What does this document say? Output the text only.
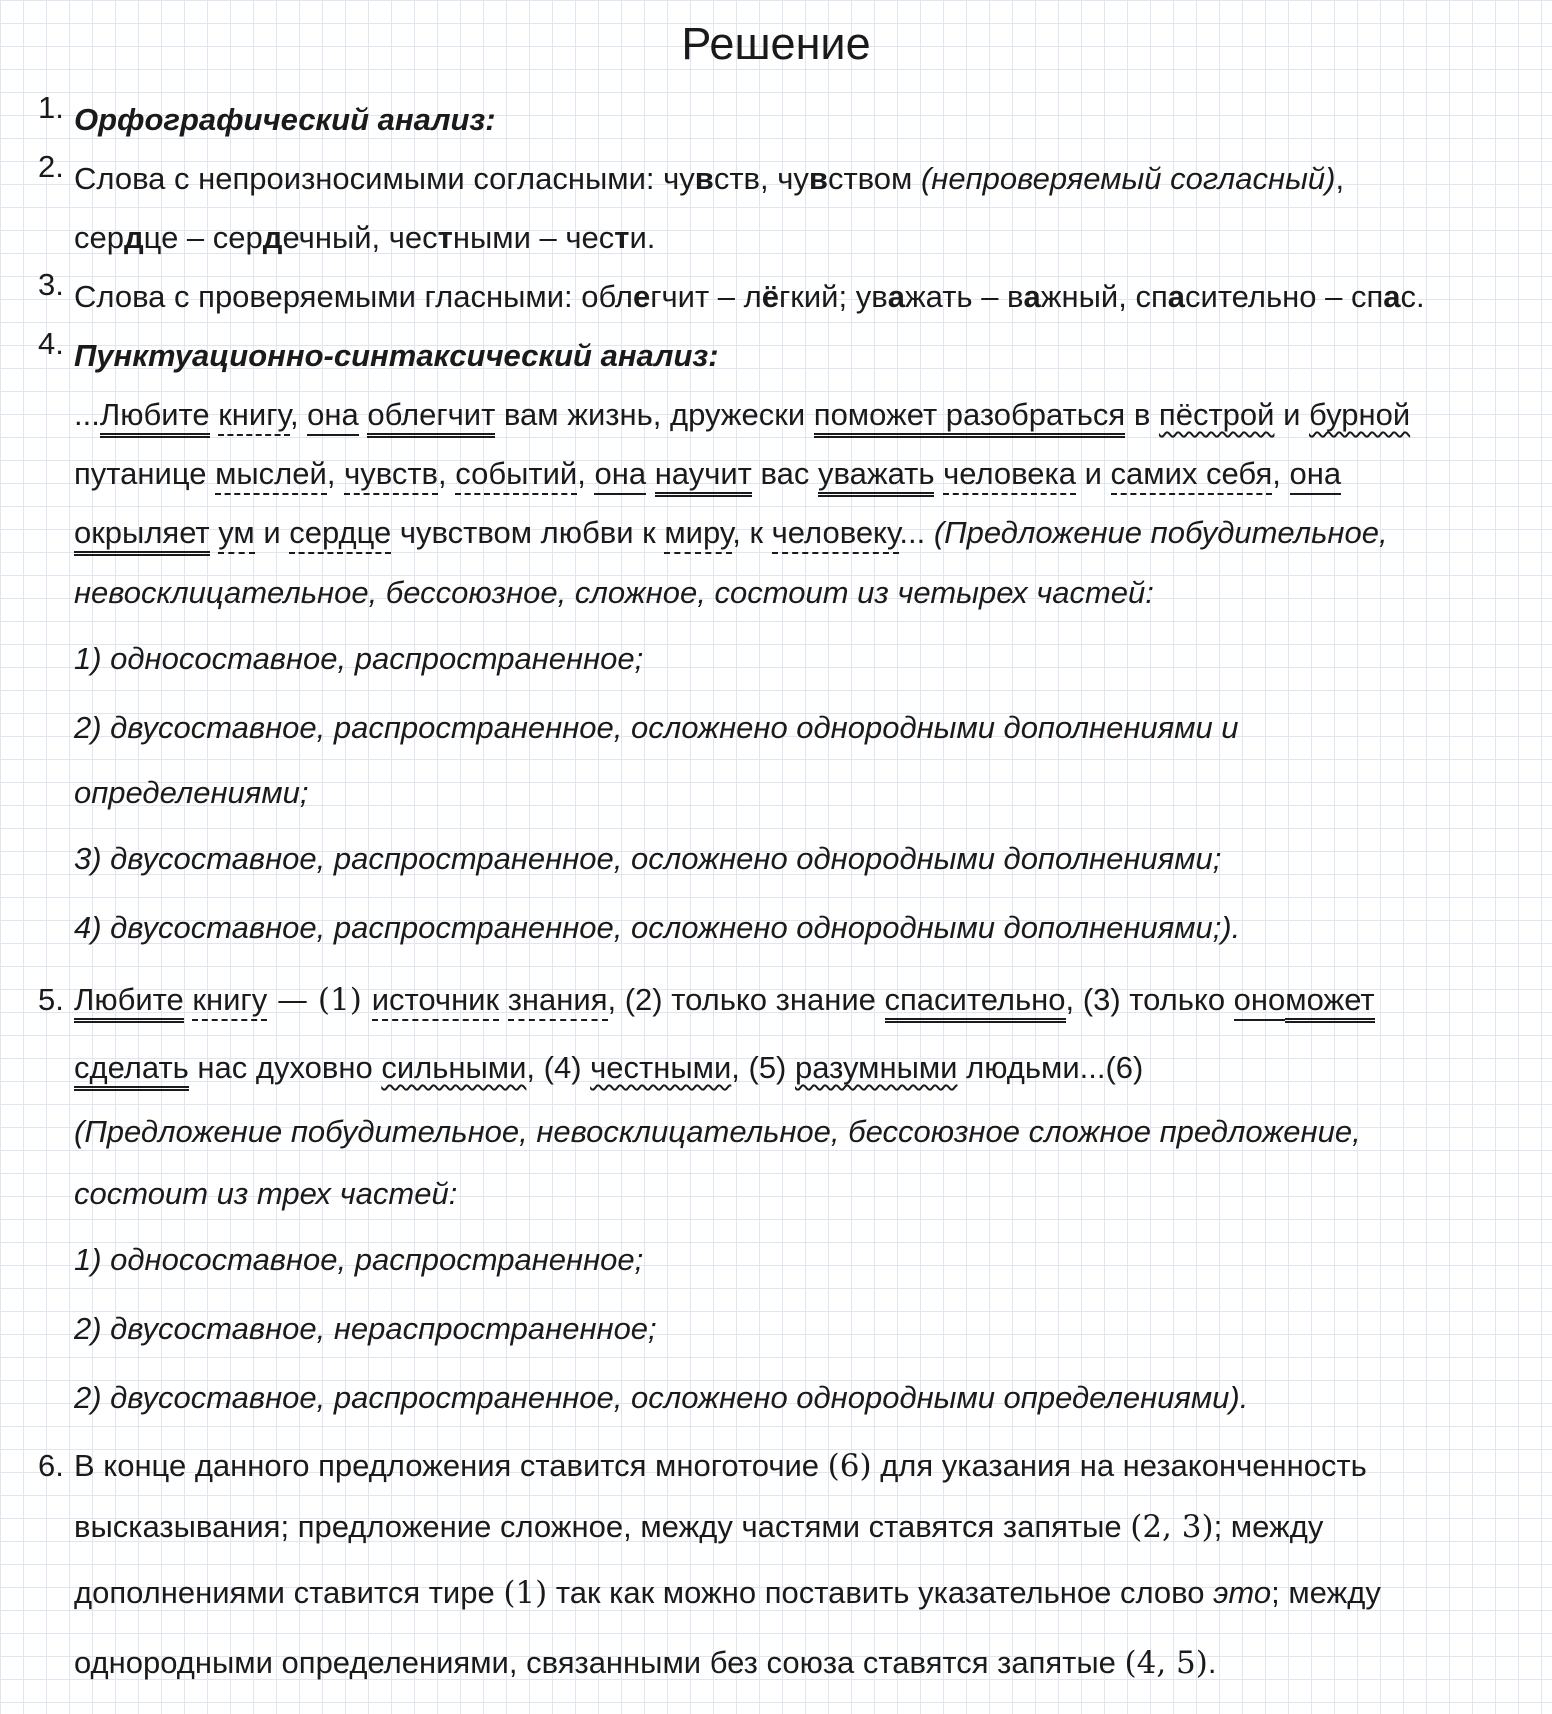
Решение
1. Орфографический анализ:
2. Слова с непроизносимыми согласными: чувств, чувством (непроверяемый согласный),
сердце – сердечный, честными – чести.
3. Слова с проверяемыми гласными: облегчит – лёгкий; уважать – важный, спасительно – спас.
4. Пунктуационно-синтаксический анализ:
...Любите книгу, она облегчит вам жизнь, дружески поможет разобраться в пёстрой и бурной
путанице мыслей, чувств, событий, она научит вас уважать человека и самих себя, она
окрыляет ум и сердце чувством любви к миру, к человеку... (Предложение побудительное,
невосклицательное, бессоюзное, сложное, состоит из четырех частей:
1) односоставное, распространенное;
2) двусоставное, распространенное, осложнено однородными дополнениями и
определениями;
3) двусоставное, распространенное, осложнено однородными дополнениями;
4) двусоставное, распространенное, осложнено однородными дополнениями;).
5. Любите книгу — (1) источник знания, (2) только знание спасительно, (3) только ономожет
сделать нас духовно сильными, (4) честными, (5) разумными людьми...(6)
(Предложение побудительное, невосклицательное, бессоюзное сложное предложение,
состоит из трех частей:
1) односоставное, распространенное;
2) двусоставное, нераспространенное;
2) двусоставное, распространенное, осложнено однородными определениями).
6. В конце данного предложения ставится многоточие (6) для указания на незаконченность
высказывания; предложение сложное, между частями ставятся запятые (2, 3); между
дополнениями ставится тире (1) так как можно поставить указательное слово это; между
однородными определениями, связанными без союза ставятся запятые (4, 5).
